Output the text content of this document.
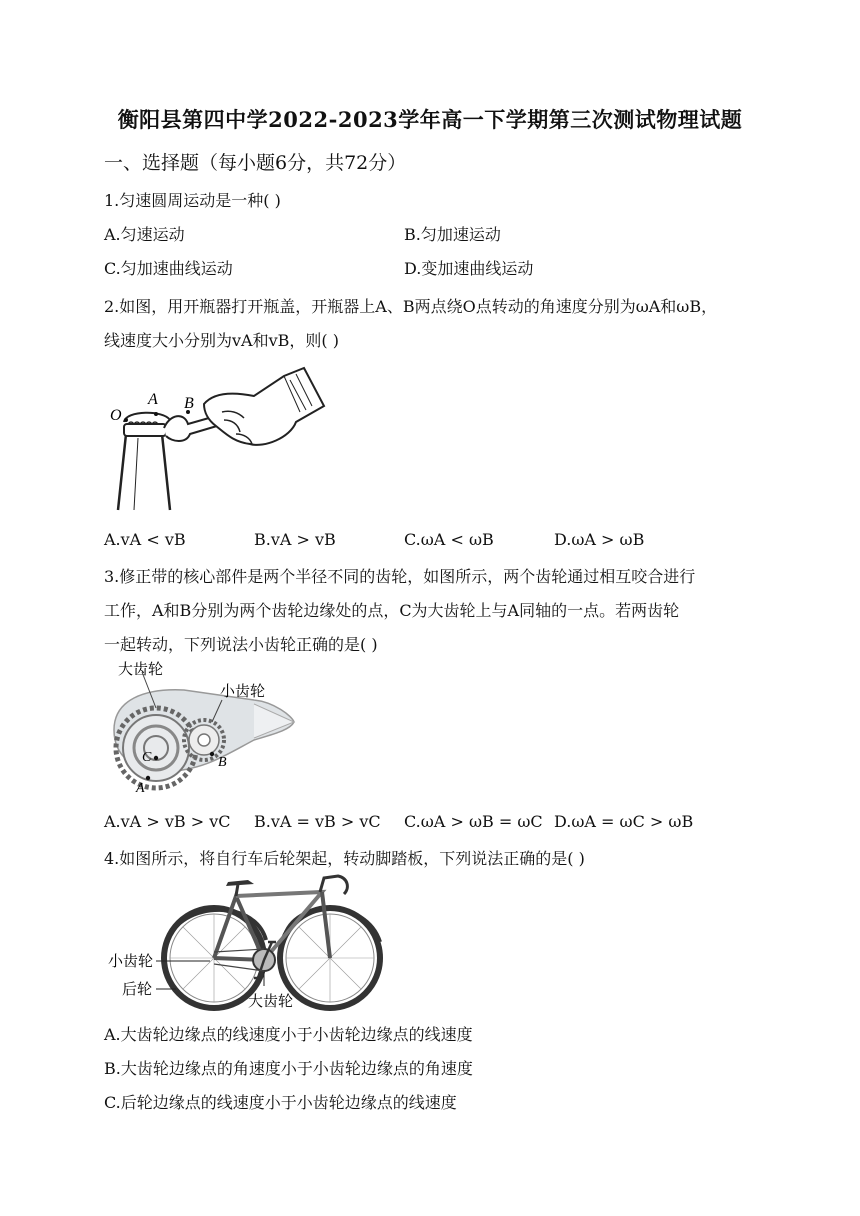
衡阳县第四中学2022-2023学年高一下学期第三次测试物理试题
一、选择题（每小题6分，共72分）
1.匀速圆周运动是一种( )
A.匀速运动	B.匀加速运动
C.匀加速曲线运动	D.变加速曲线运动
2.如图，用开瓶器打开瓶盖，开瓶器上A、B两点绕O点转动的角速度分别为ωA和ωB，
线速度大小分别为vA和vB，则( )
O
A B
A.vA < vB	B.vA > vB	C.ωA < ωB	D.ωA > ωB
3.修正带的核心部件是两个半径不同的齿轮，如图所示，两个齿轮通过相互咬合进行
工作，A和B分别为两个齿轮边缘处的点，C为大齿轮上与A同轴的一点。若两齿轮
一起转动，下列说法小齿轮正确的是( )
大齿轮
小齿轮
C	B
A
A.vA > vB > vC B.vA = vB > vC C.ωA > ωB = ωC D.ωA = ωC > ωB
4.如图所示，将自行车后轮架起，转动脚踏板，下列说法正确的是( )
小齿轮
后轮
大齿轮
A.大齿轮边缘点的线速度小于小齿轮边缘点的线速度
B.大齿轮边缘点的角速度小于小齿轮边缘点的角速度
C.后轮边缘点的线速度小于小齿轮边缘点的线速度
